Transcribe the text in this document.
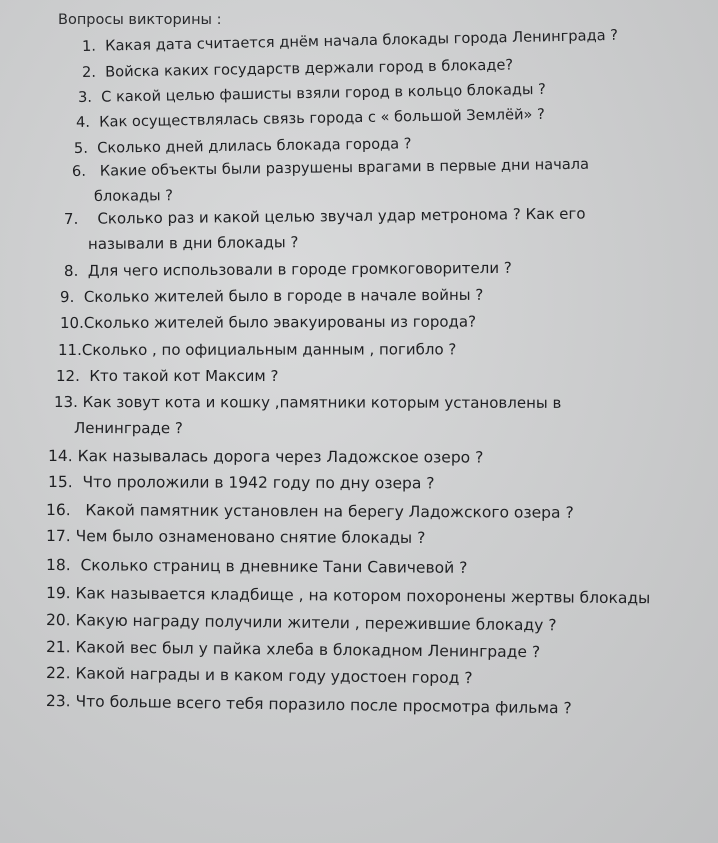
Вопросы викторины :
1. Какая дата считается днём начала блокады города Ленинграда ?
2. Войска каких государств держали город в блокаде?
3. С какой целью фашисты взяли город в кольцо блокады ?
4. Как осуществлялась связь города с « большой Землёй» ?
5. Сколько дней длилась блокада города ?
6. Какие объекты были разрушены врагами в первые дни начала
блокады ?
7. Сколько раз и какой целью звучал удар метронома ? Как его
называли в дни блокады ?
8. Для чего использовали в городе громкоговорители ?
9. Сколько жителей было в городе в начале войны ?
10.Сколько жителей было эвакуированы из города?
11.Сколько , по официальным данным , погибло ?
12. Кто такой кот Максим ?
13. Как зовут кота и кошку ,памятники которым установлены в
Ленинграде ?
14. Как называлась дорога через Ладожское озеро ?
15. Что проложили в 1942 году по дну озера ?
16. Какой памятник установлен на берегу Ладожского озера ?
17. Чем было ознаменовано снятие блокады ?
18. Сколько страниц в дневнике Тани Савичевой ?
19. Как называется кладбище , на котором похоронены жертвы блокады
20. Какую награду получили жители , пережившие блокаду ?
21. Какой вес был у пайка хлеба в блокадном Ленинграде ?
22. Какой награды и в каком году удостоен город ?
23. Что больше всего тебя поразило после просмотра фильма ?
